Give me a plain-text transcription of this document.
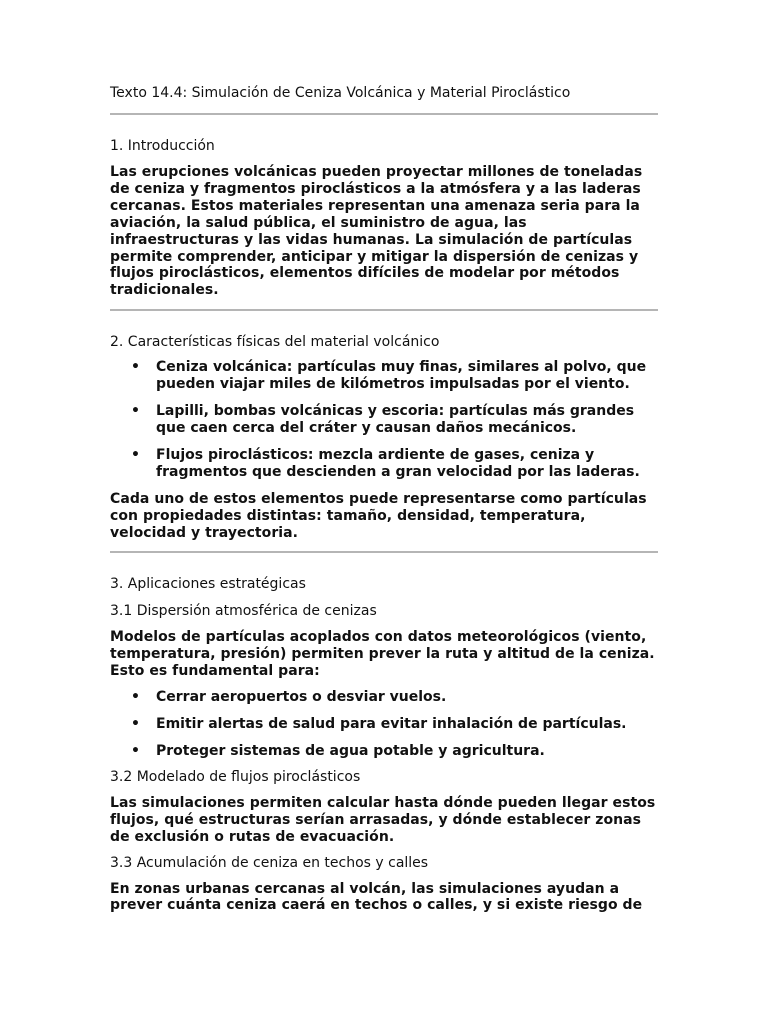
Texto 14.4: Simulación de Ceniza Volcánica y Material Piroclástico
1. Introducción

Las erupciones volcánicas pueden proyectar millones de toneladas de ceniza y fragmentos piroclásticos a la atmósfera y a las laderas cercanas. Estos materiales representan una amenaza seria para la aviación, la salud pública, el suministro de agua, las infraestructuras y las vidas humanas. La simulación de partículas permite comprender, anticipar y mitigar la dispersión de cenizas y flujos piroclásticos, elementos difíciles de modelar por métodos tradicionales.

2. Características físicas del material volcánico
• Ceniza volcánica: partículas muy finas, similares al polvo, que pueden viajar miles de kilómetros impulsadas por el viento.
• Lapilli, bombas volcánicas y escoria: partículas más grandes que caen cerca del cráter y causan daños mecánicos.
• Flujos piroclásticos: mezcla ardiente de gases, ceniza y fragmentos que descienden a gran velocidad por las laderas.

Cada uno de estos elementos puede representarse como partículas con propiedades distintas: tamaño, densidad, temperatura, velocidad y trayectoria.

3. Aplicaciones estratégicas
3.1 Dispersión atmosférica de cenizas

Modelos de partículas acoplados con datos meteorológicos (viento, temperatura, presión) permiten prever la ruta y altitud de la ceniza. Esto es fundamental para:

• Cerrar aeropuertos o desviar vuelos.
• Emitir alertas de salud para evitar inhalación de partículas.
• Proteger sistemas de agua potable y agricultura.
3.2 Modelado de flujos piroclásticos

Las simulaciones permiten calcular hasta dónde pueden llegar estos flujos, qué estructuras serían arrasadas, y dónde establecer zonas de exclusión o rutas de evacuación.

3.3 Acumulación de ceniza en techos y calles

En zonas urbanas cercanas al volcán, las simulaciones ayudan a prever cuánta ceniza caerá en techos o calles, y si existe riesgo de
